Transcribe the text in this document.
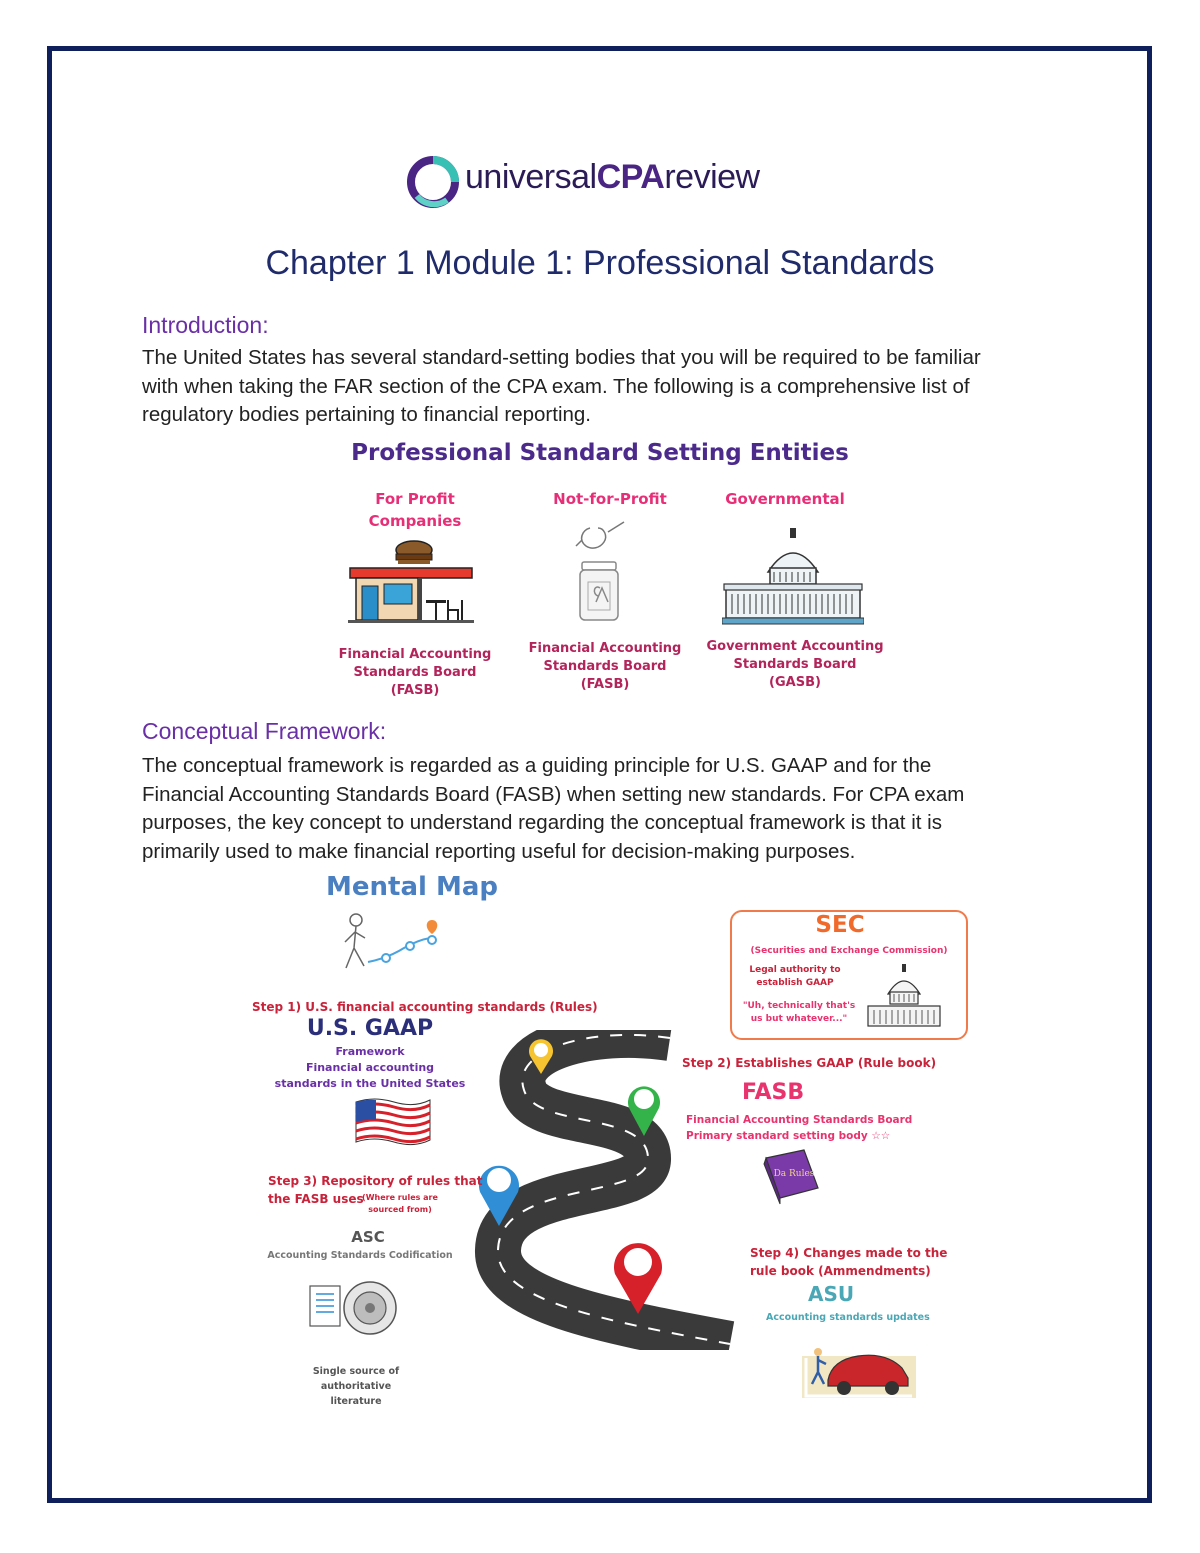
universalCPAreview
Chapter 1 Module 1: Professional Standards
Introduction:
The United States has several standard-setting bodies that you will be required to be familiar
with when taking the FAR section of the CPA exam. The following is a comprehensive list of
regulatory bodies pertaining to financial reporting.
Professional Standard Setting Entities
For Profit
Companies
Financial Accounting
Standards Board
(FASB)
Not-for-Profit
Financial Accounting
Standards Board
(FASB)
Governmental
Government Accounting
Standards Board
(GASB)
Conceptual Framework:
The conceptual framework is regarded as a guiding principle for U.S. GAAP and for the
Financial Accounting Standards Board (FASB) when setting new standards. For CPA exam
purposes, the key concept to understand regarding the conceptual framework is that it is
primarily used to make financial reporting useful for decision-making purposes.
Mental Map
SEC
(Securities and Exchange Commission)
Legal authority to
establish GAAP
"Uh, technically that's
us but whatever..."
Step 1) U.S. financial accounting standards (Rules)
U.S. GAAP
Framework
Financial accounting
standards in the United States
Step 2) Establishes GAAP (Rule book)
FASB
Financial Accounting Standards Board
Primary standard setting body ☆☆
Da Rules
Step 3) Repository of rules that
the FASB uses
(Where rules are
sourced from)
ASC
Accounting Standards Codification
Single source of
authoritative literature
Step 4) Changes made to the
rule book (Ammendments)
ASU
Accounting standards updates
